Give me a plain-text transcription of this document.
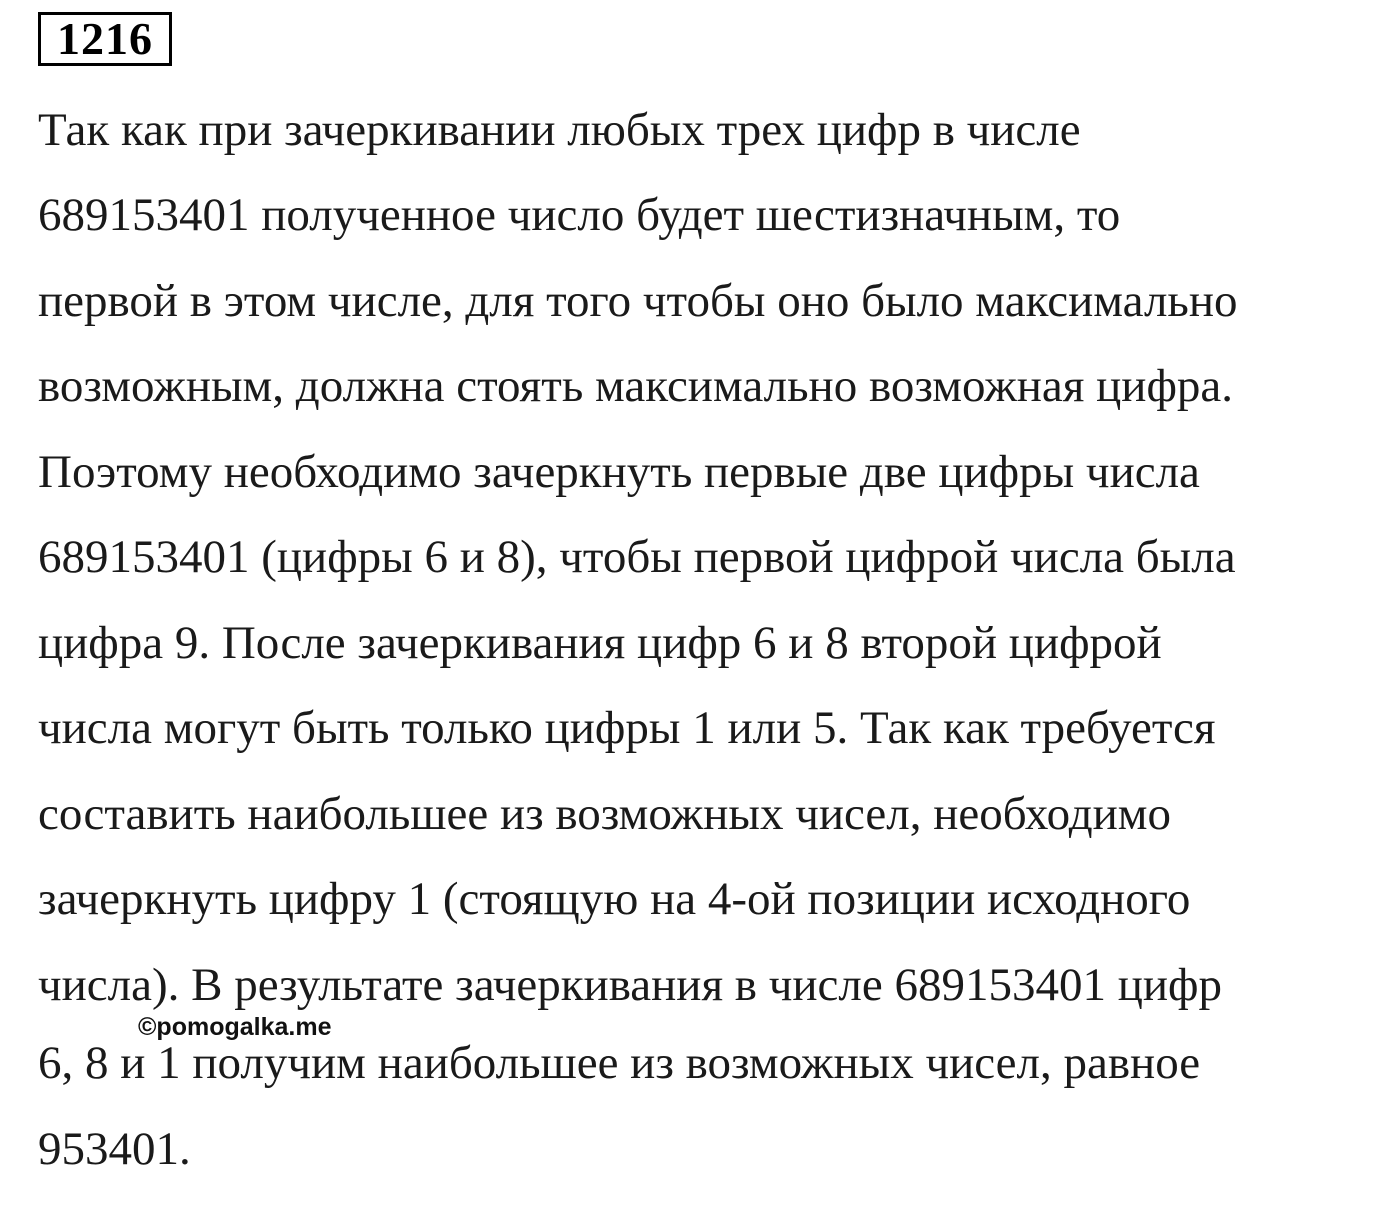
1216
Так как при зачеркивании любых трех цифр в числе
689153401 полученное число будет шестизначным, то
первой в этом числе, для того чтобы оно было максимально
возможным, должна стоять максимально возможная цифра.
Поэтому необходимо зачеркнуть первые две цифры числа
689153401 (цифры 6 и 8), чтобы первой цифрой числа была
цифра 9. После зачеркивания цифр 6 и 8 второй цифрой
числа могут быть только цифры 1 или 5. Так как требуется
составить наибольшее из возможных чисел, необходимо
зачеркнуть цифру 1 (стоящую на 4-ой позиции исходного
числа). В результате зачеркивания в числе 689153401 цифр
6, 8 и 1 получим наибольшее из возможных чисел, равное
953401.
©pomogalka.me
